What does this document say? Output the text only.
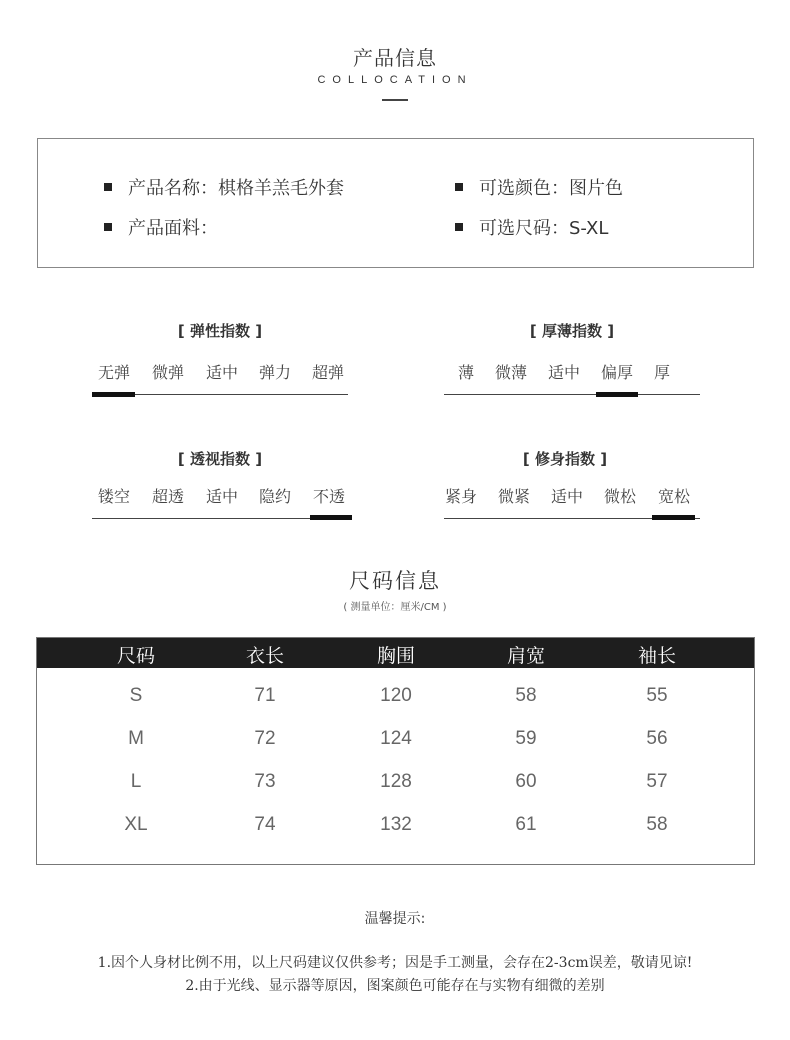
产品信息
COLLOCATION
产品名称：棋格羊羔毛外套
产品面料：
可选颜色：图片色
可选尺码：S-XL
[ 弹性指数 ]
无弹	微弹	适中	弹力	超弹
[ 厚薄指数 ]
薄	微薄	适中	偏厚	厚
[ 透视指数 ]
镂空	超透	适中	隐约	不透
[ 修身指数 ]
紧身	微紧	适中	微松	宽松
尺码信息
( 测量单位：厘米/CM )
尺码	衣长	胸围	肩宽	袖长
S	71	120	58	55
M	72	124	59	56
L	73	128	60	57
XL	74	132	61	58
温馨提示:
1.因个人身材比例不用，以上尺码建议仅供参考；因是手工测量，会存在2-3cm误差，敬请见谅!
2.由于光线、显示器等原因，图案颜色可能存在与实物有细微的差别
